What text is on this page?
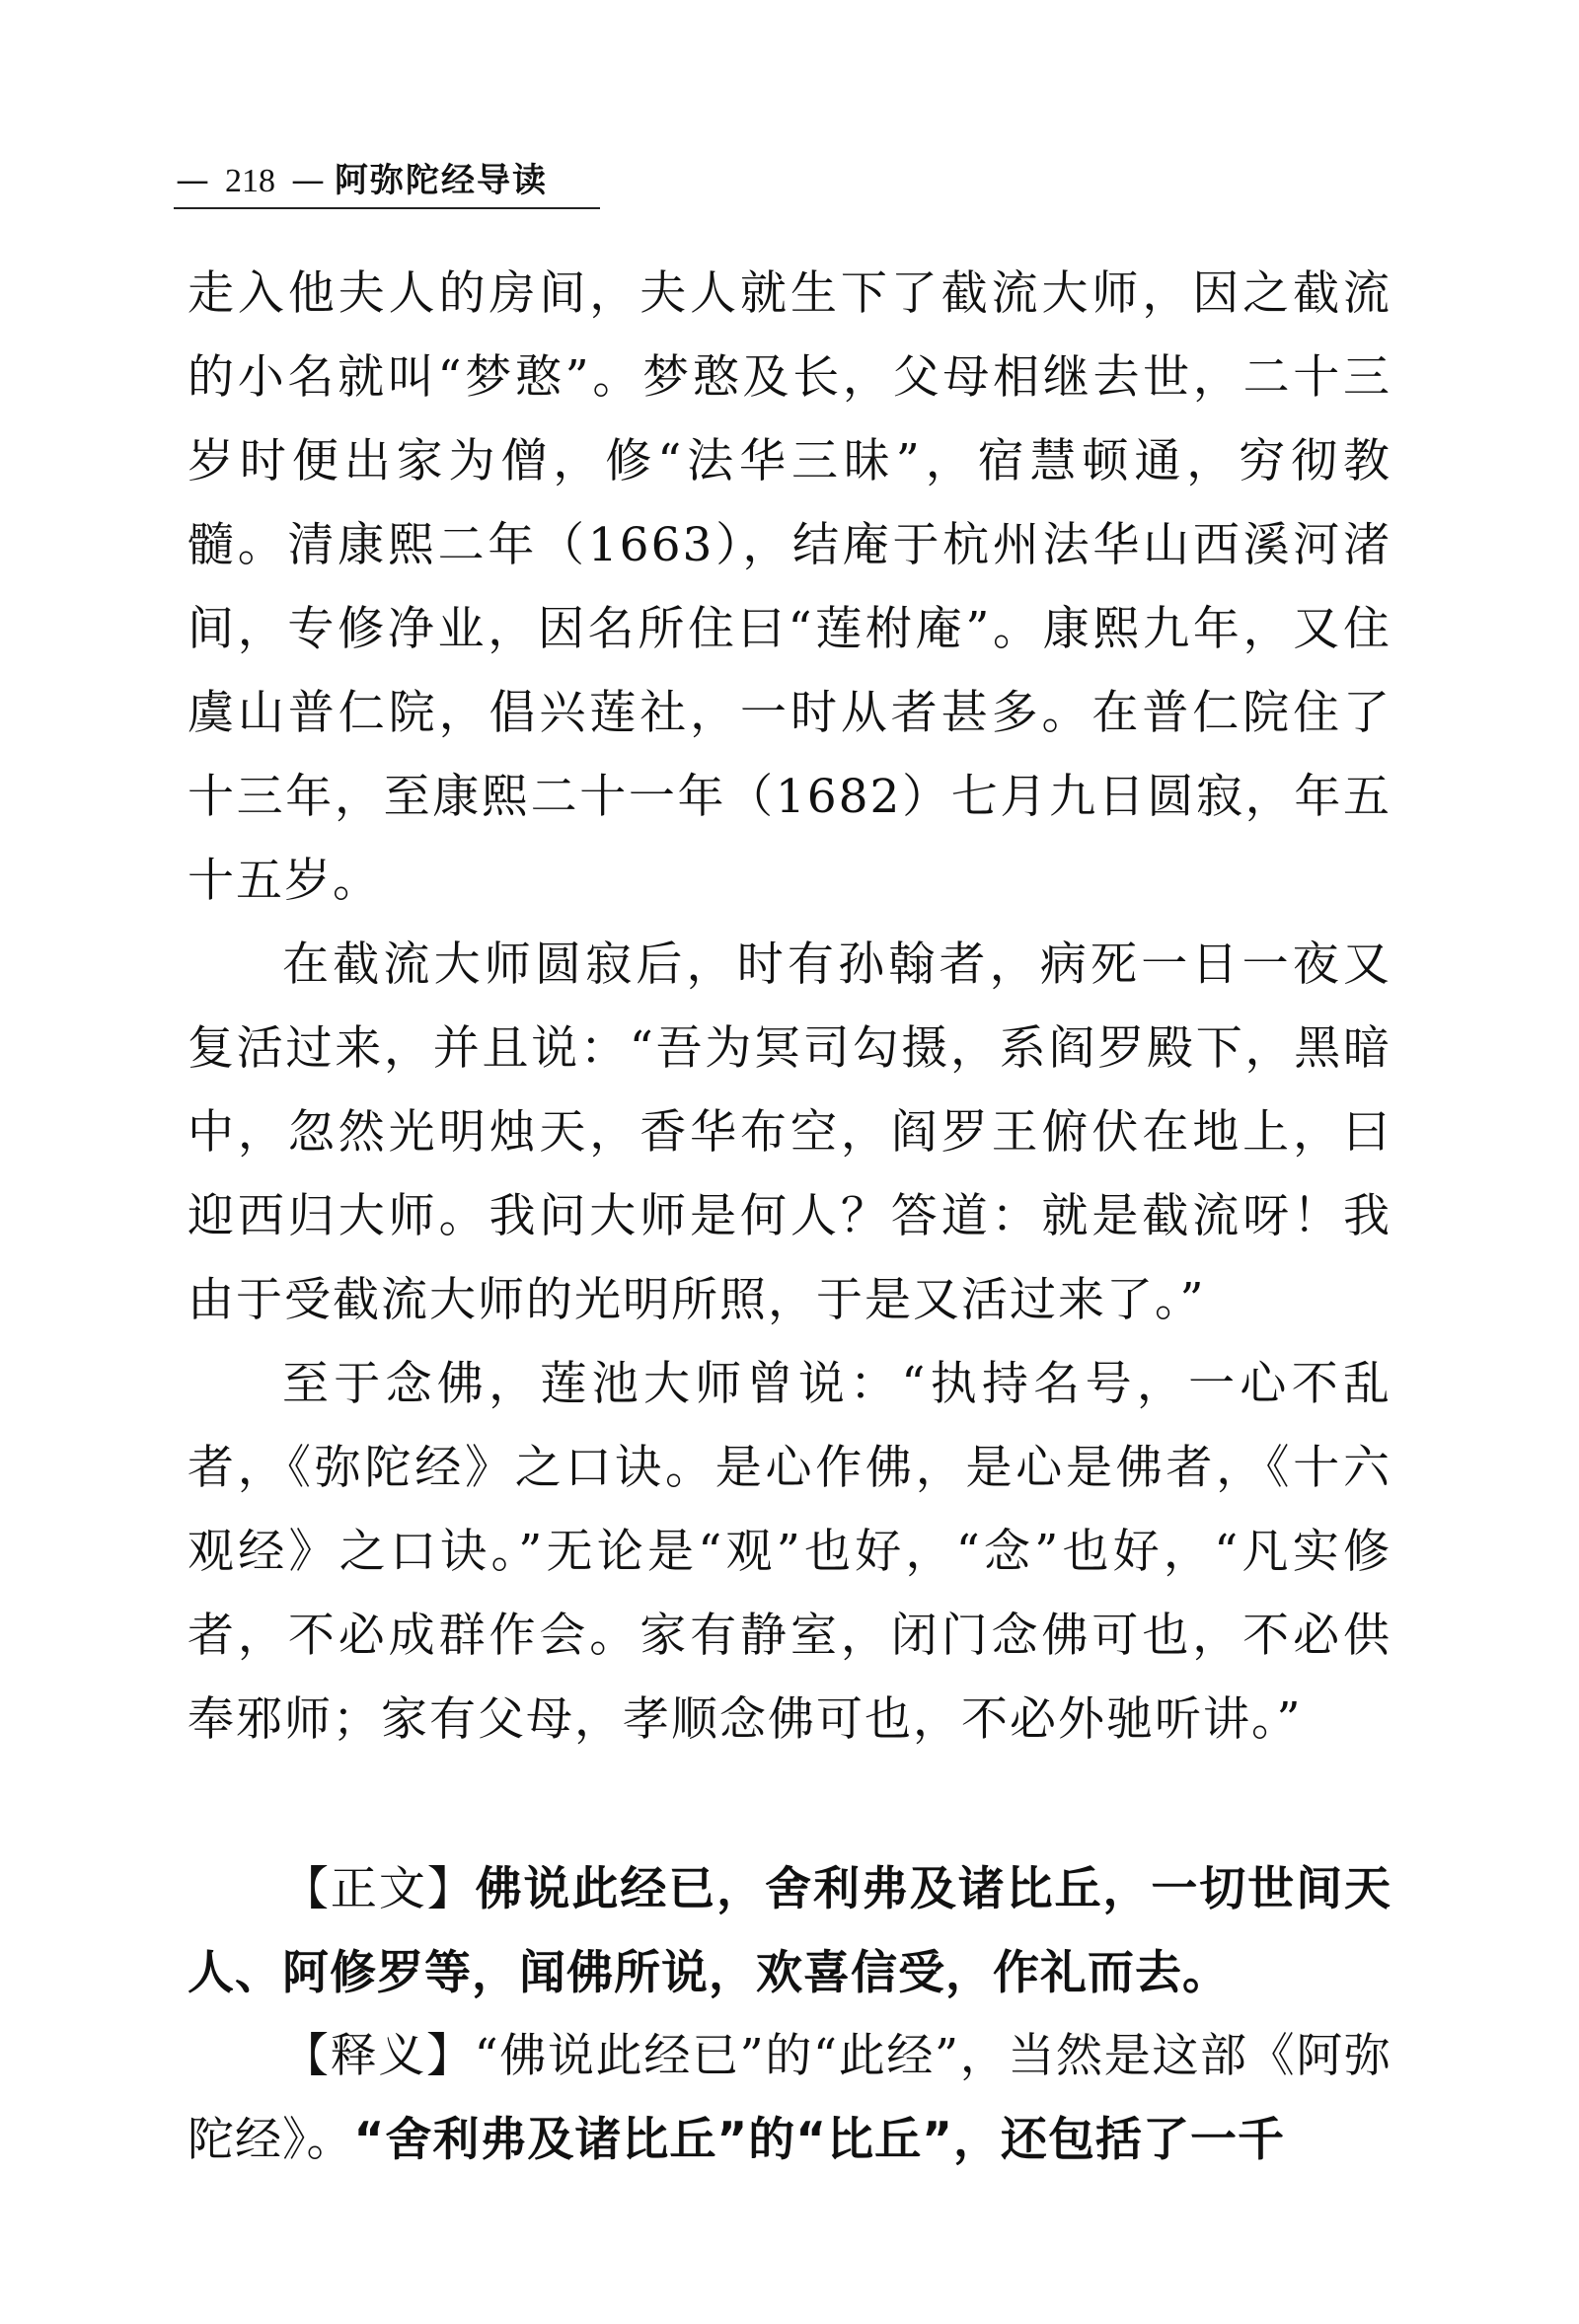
— 218 — 阿弥陀经导读

走入他夫人的房间，夫人就生下了截流大师，因之截流的小名就叫“梦憨”。梦憨及长，父母相继去世，二十三岁时便出家为僧，修“法华三昧”，宿慧顿通，穷彻教髓。清康熙二年（1663），结庵于杭州法华山西溪河渚间，专修净业，因名所住曰“莲柎庵”。康熙九年，又住虞山普仁院，倡兴莲社，一时从者甚多。在普仁院住了十三年，至康熙二十一年（1682）七月九日圆寂，年五十五岁。

在截流大师圆寂后，时有孙翰者，病死一日一夜又复活过来，并且说：“吾为冥司勾摄，系阎罗殿下，黑暗中，忽然光明烛天，香华布空，阎罗王俯伏在地上，曰迎西归大师。我问大师是何人？答道：就是截流呀！我由于受截流大师的光明所照，于是又活过来了。”

至于念佛，莲池大师曾说：“执持名号，一心不乱者，《弥陀经》之口诀。是心作佛，是心是佛者，《十六观经》之口诀。”无论是“观”也好，“念”也好，“凡实修者，不必成群作会。家有静室，闭门念佛可也，不必供奉邪师；家有父母，孝顺念佛可也，不必外驰听讲。”

【正文】佛说此经已，舍利弗及诸比丘，一切世间天人、阿修罗等，闻佛所说，欢喜信受，作礼而去。

【释义】“佛说此经已”的“此经”，当然是这部《阿弥陀经》。“舍利弗及诸比丘”的“比丘”，还包括了一千
